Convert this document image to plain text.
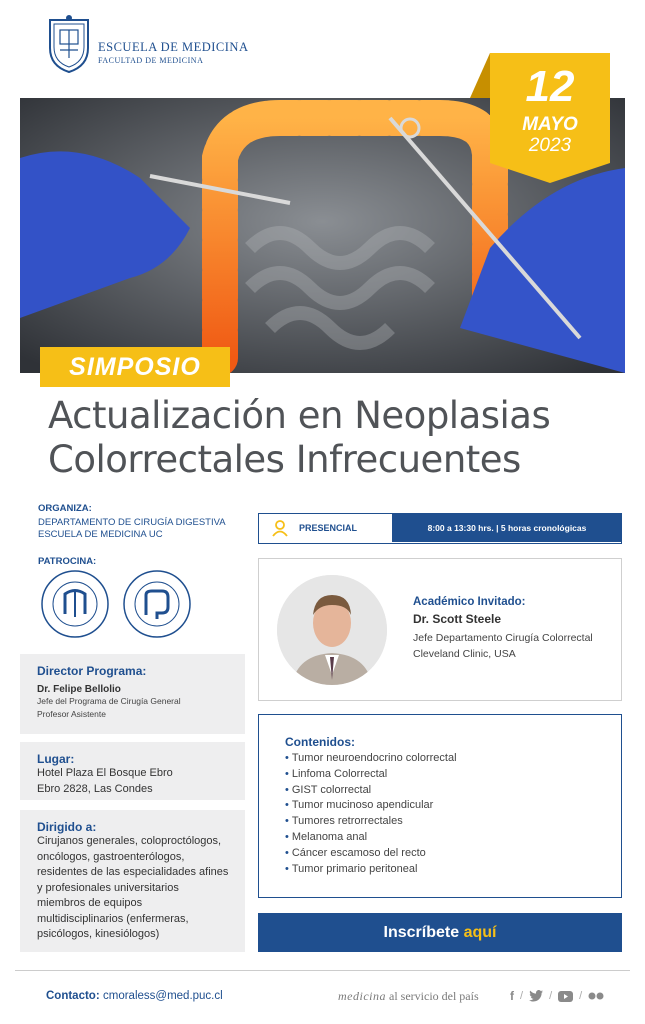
ESCUELA DE MEDICINA
FACULTAD DE MEDICINA
12
MAYO
2023
SIMPOSIO
Actualización en Neoplasias
Colorrectales Infrecuentes
ORGANIZA:
DEPARTAMENTO DE CIRUGÍA DIGESTIVA
ESCUELA DE MEDICINA UC
PATROCINA:
Director Programa:
Dr. Felipe Bellolio
Jefe del Programa de Cirugía General
Profesor Asistente
Lugar:
Hotel Plaza El Bosque Ebro
Ebro 2828, Las Condes
Dirigido a:
Cirujanos generales, coloproctólogos,
oncólogos, gastroenterólogos,
residentes de las especialidades afines
y profesionales universitarios
miembros de equipos
multidisciplinarios (enfermeras,
psicólogos, kinesiólogos)
PRESENCIAL	8:00 a 13:30 hrs. | 5 horas cronológicas
Académico Invitado:
Dr. Scott Steele
Jefe Departamento Cirugía Colorrectal
Cleveland Clinic, USA
Contenidos:
• Tumor neuroendocrino colorrectal
• Linfoma Colorrectal
• GIST colorrectal
• Tumor mucinoso apendicular
• Tumores retrorrectales
• Melanoma anal
• Cáncer escamoso del recto
• Tumor primario peritoneal
Inscríbete aquí
Contacto: cmoraless@med.puc.cl	medicina al servicio del país	f / / /
